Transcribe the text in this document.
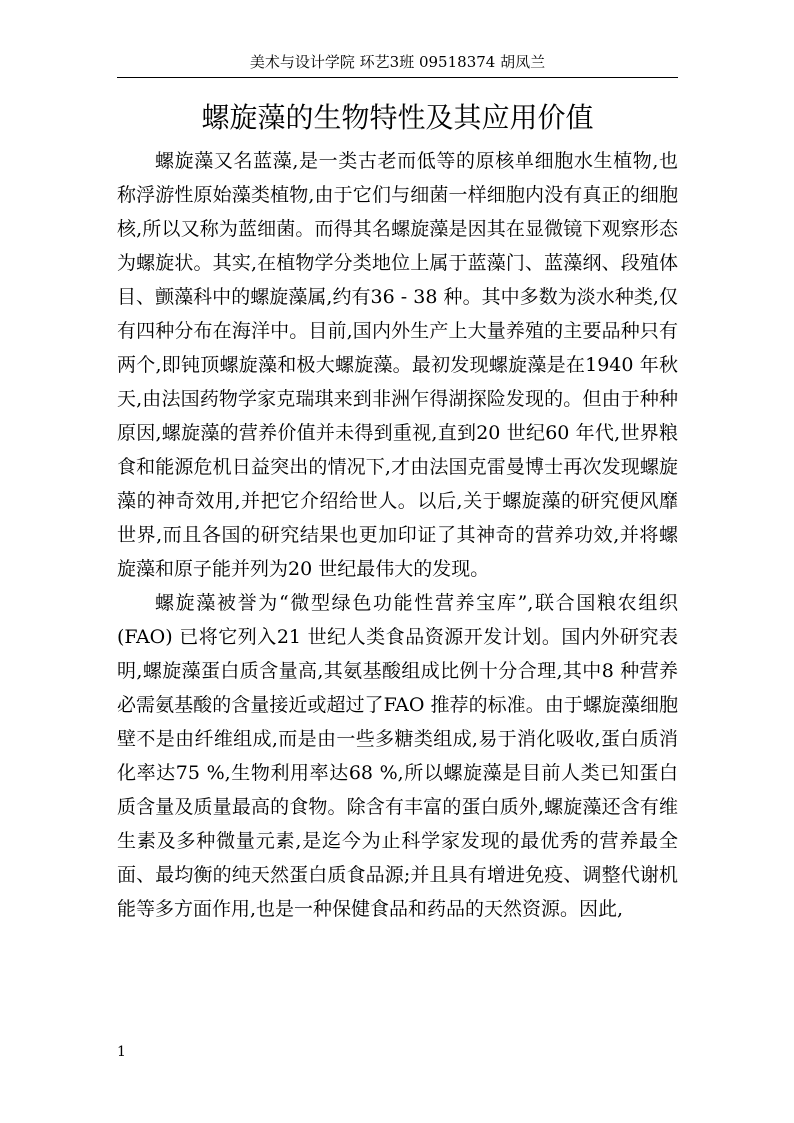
美术与设计学院 环艺3班 09518374 胡凤兰
螺旋藻的生物特性及其应用价值

螺旋藻又名蓝藻,是一类古老而低等的原核单细胞水生植物,也称浮游性原始藻类植物,由于它们与细菌一样细胞内没有真正的细胞核,所以又称为蓝细菌。而得其名螺旋藻是因其在显微镜下观察形态为螺旋状。其实,在植物学分类地位上属于蓝藻门、蓝藻纲、段殖体目、颤藻科中的螺旋藻属,约有36 - 38 种。其中多数为淡水种类,仅有四种分布在海洋中。目前,国内外生产上大量养殖的主要品种只有两个,即钝顶螺旋藻和极大螺旋藻。最初发现螺旋藻是在1940 年秋天,由法国药物学家克瑞琪来到非洲乍得湖探险发现的。但由于种种原因,螺旋藻的营养价值并未得到重视,直到20 世纪60 年代,世界粮食和能源危机日益突出的情况下,才由法国克雷曼博士再次发现螺旋藻的神奇效用,并把它介绍给世人。以后,关于螺旋藻的研究便风靡世界,而且各国的研究结果也更加印证了其神奇的营养功效,并将螺旋藻和原子能并列为20 世纪最伟大的发现。

螺旋藻被誉为“微型绿色功能性营养宝库”,联合国粮农组织(FAO) 已将它列入21 世纪人类食品资源开发计划。国内外研究表明,螺旋藻蛋白质含量高,其氨基酸组成比例十分合理,其中8 种营养必需氨基酸的含量接近或超过了FAO 推荐的标准。由于螺旋藻细胞壁不是由纤维组成,而是由一些多糖类组成,易于消化吸收,蛋白质消化率达75 %,生物利用率达68 %,所以螺旋藻是目前人类已知蛋白质含量及质量最高的食物。除含有丰富的蛋白质外,螺旋藻还含有维生素及多种微量元素,是迄今为止科学家发现的最优秀的营养最全面、最均衡的纯天然蛋白质食品源;并且具有增进免疫、调整代谢机能等多方面作用,也是一种保健食品和药品的天然资源。因此,

1
